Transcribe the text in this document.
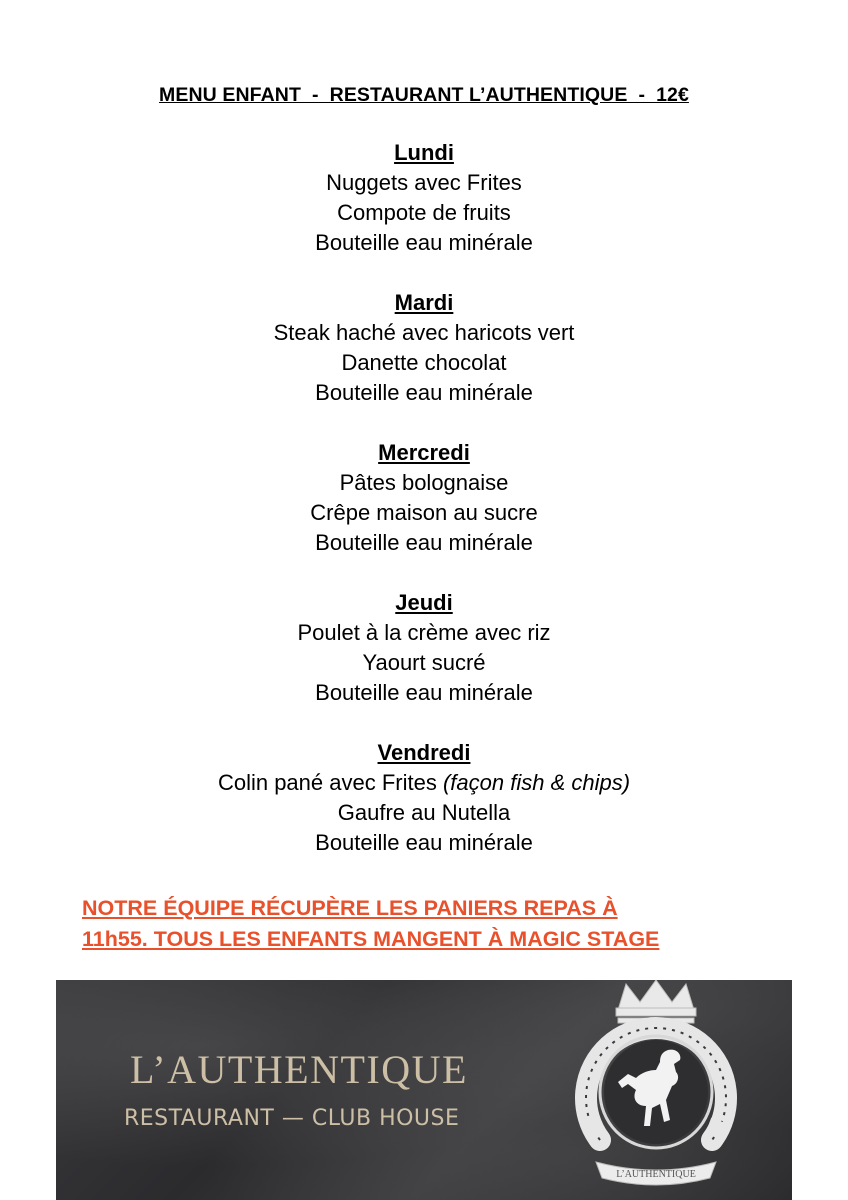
MENU ENFANT  -  RESTAURANT L’AUTHENTIQUE  -  12€
Lundi
Nuggets avec Frites
Compote de fruits
Bouteille eau minérale
Mardi
Steak haché avec haricots vert
Danette chocolat
Bouteille eau minérale
Mercredi
Pâtes bolognaise
Crêpe maison au sucre
Bouteille eau minérale
Jeudi
Poulet à la crème avec riz
Yaourt sucré
Bouteille eau minérale
Vendredi
Colin pané avec Frites (façon fish & chips)
Gaufre au Nutella
Bouteille eau minérale
NOTRE ÉQUIPE RÉCUPÈRE LES PANIERS REPAS À
11h55. TOUS LES ENFANTS MANGENT À MAGIC STAGE
L’AUTHENTIQUE
RESTAURANT — CLUB HOUSE
L’AUTHENTIQUE
